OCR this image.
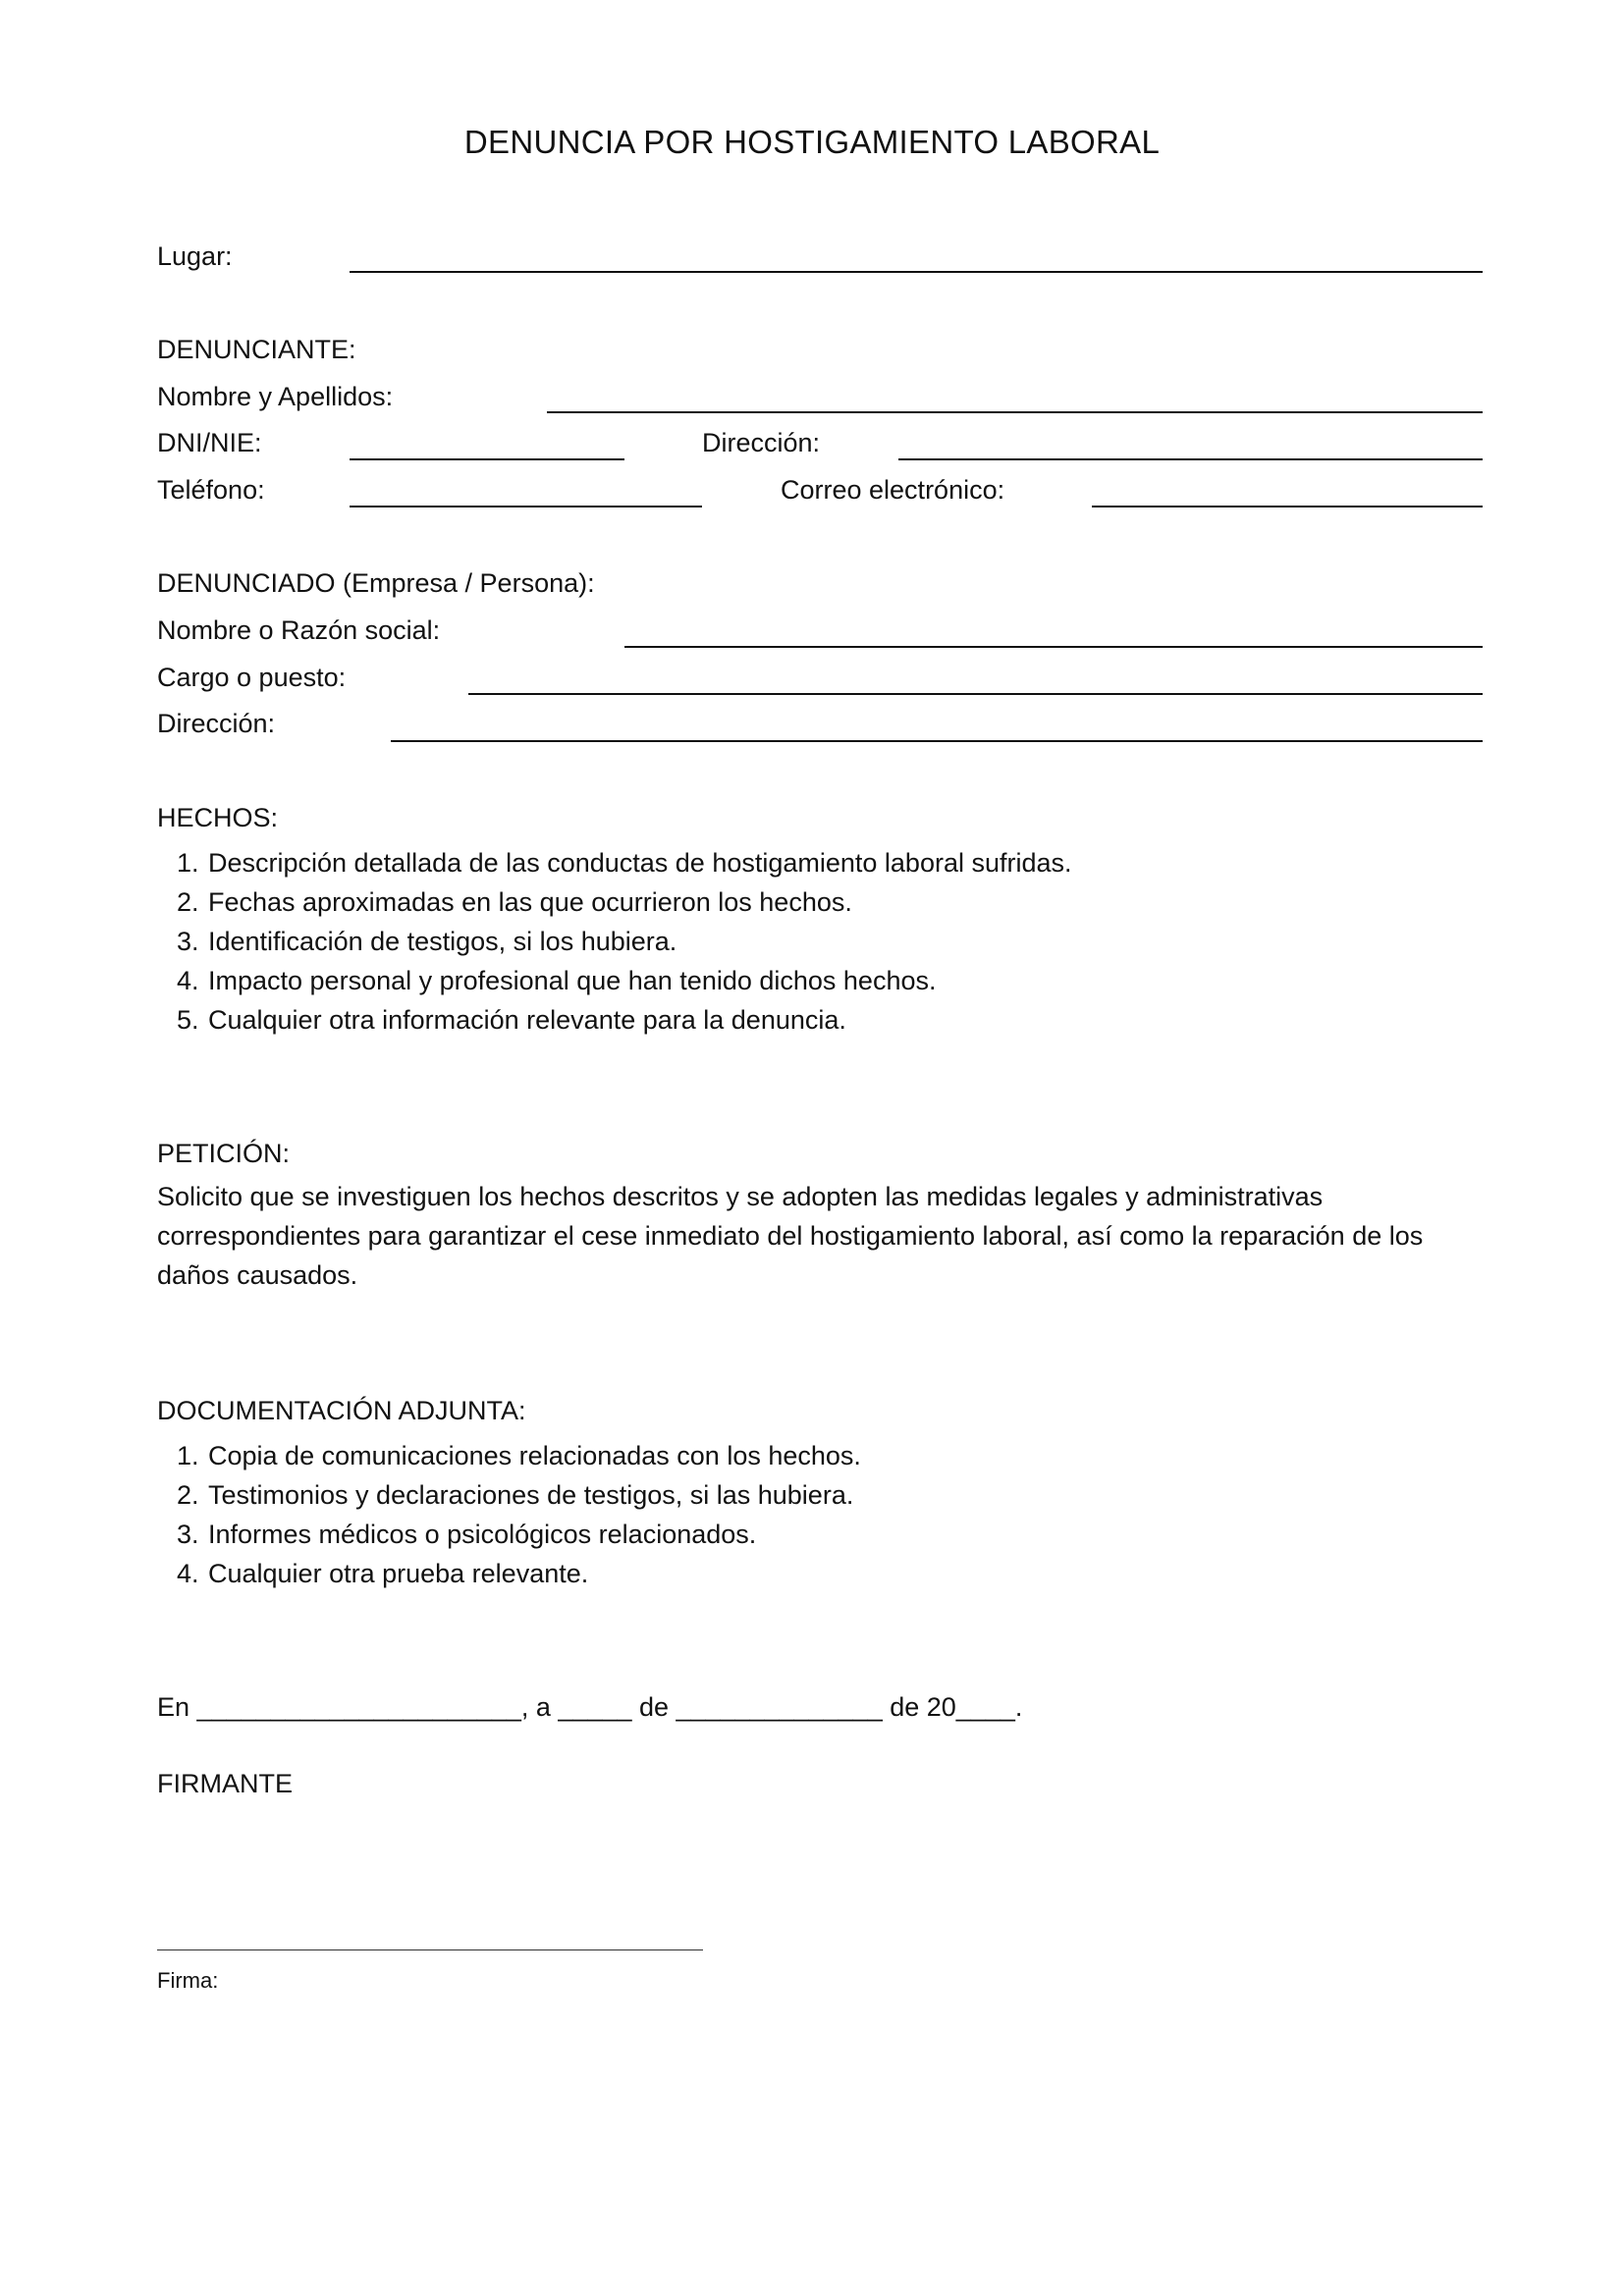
DENUNCIA POR HOSTIGAMIENTO LABORAL
Lugar:
DENUNCIANTE:
Nombre y Apellidos:
DNI/NIE:	Dirección:
Teléfono:	Correo electrónico:
DENUNCIADO (Empresa / Persona):
Nombre o Razón social:
Cargo o puesto:
Dirección:
HECHOS:
1. Descripción detallada de las conductas de hostigamiento laboral sufridas.
2. Fechas aproximadas en las que ocurrieron los hechos.
3. Identificación de testigos, si los hubiera.
4. Impacto personal y profesional que han tenido dichos hechos.
5. Cualquier otra información relevante para la denuncia.
PETICIÓN:

Solicito que se investiguen los hechos descritos y se adopten las medidas legales y administrativas correspondientes para garantizar el cese inmediato del hostigamiento laboral, así como la reparación de los daños causados.

DOCUMENTACIÓN ADJUNTA:
1. Copia de comunicaciones relacionadas con los hechos.
2. Testimonios y declaraciones de testigos, si las hubiera.
3. Informes médicos o psicológicos relacionados.
4. Cualquier otra prueba relevante.
En ______________________, a _____ de ______________ de 20____.
FIRMANTE
Firma:
